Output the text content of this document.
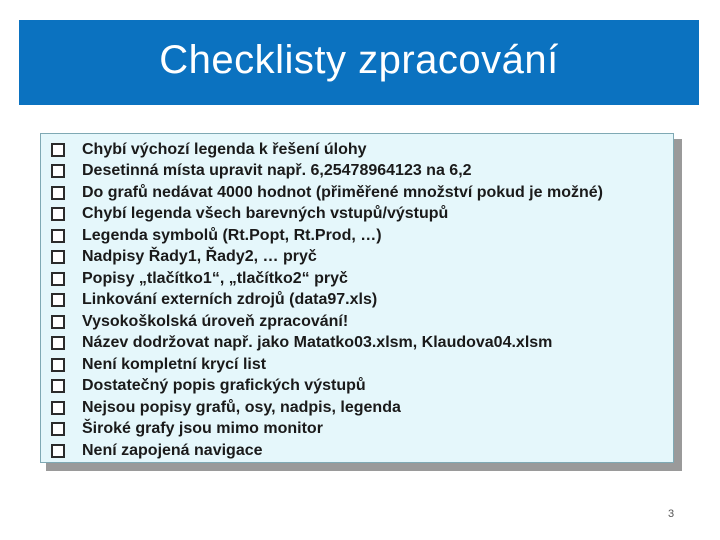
Checklisty zpracování
Chybí výchozí legenda k řešení úlohy
Desetinná místa upravit např. 6,25478964123 na 6,2
Do grafů nedávat 4000 hodnot (přiměřené množství pokud je možné)
Chybí legenda všech barevných vstupů/výstupů
Legenda symbolů (Rt.Popt, Rt.Prod, …)
Nadpisy Řady1, Řady2, … pryč
Popisy „tlačítko1“, „tlačítko2“ pryč
Linkování externích zdrojů (data97.xls)
Vysokoškolská úroveň zpracování!
Název dodržovat např. jako Matatko03.xlsm, Klaudova04.xlsm
Není kompletní krycí list
Dostatečný popis grafických výstupů
Nejsou popisy grafů, osy, nadpis, legenda
Široké grafy jsou mimo monitor
Není zapojená navigace
3
